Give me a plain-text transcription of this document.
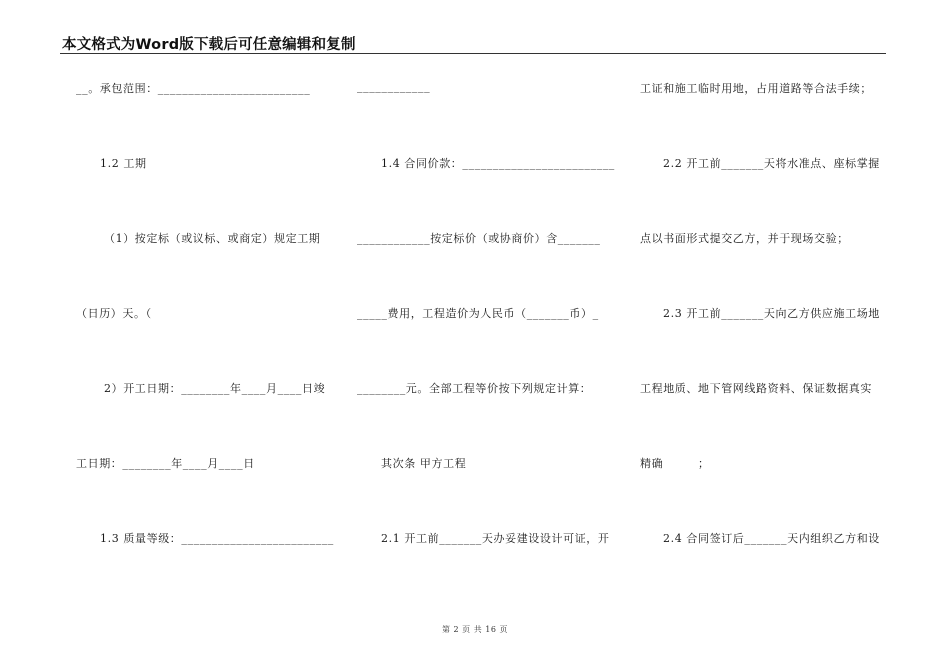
本文格式为Word版下载后可任意编辑和复制
__。承包范围：_________________________
1.2 工期
（1）按定标（或议标、或商定）规定工期
（日历）天。（
2）开工日期：________年____月____日竣
工日期：________年____月____日
1.3 质量等级：_________________________
____________
1.4 合同价款：_________________________
____________按定标价（或协商价）含_______
_____费用，工程造价为人民币（_______币）_
________元。全部工程等价按下列规定计算：
其次条 甲方工程
2.1 开工前_______天办妥建设设计可证，开
工证和施工临时用地，占用道路等合法手续；
2.2 开工前_______天将水准点、座标掌握
点以书面形式提交乙方，并于现场交验；
2.3 开工前_______天向乙方供应施工场地
工程地质、地下管网线路资料、保证数据真实
精确　　　；
2.4 合同签订后_______天内组织乙方和设
第 2 页 共 16 页
